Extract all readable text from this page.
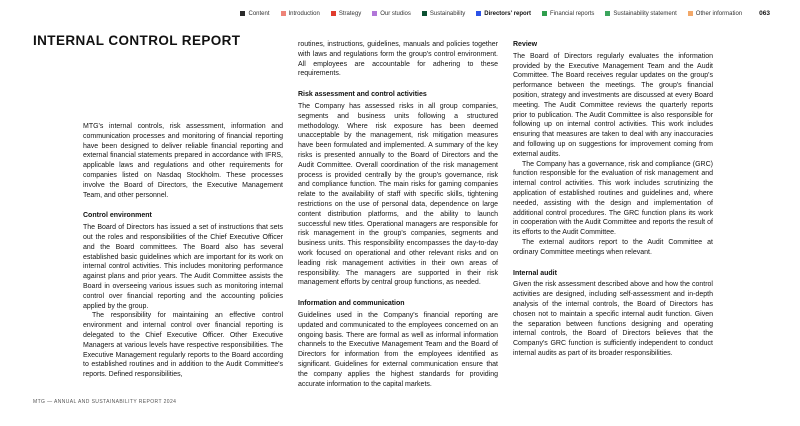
Content	Introduction	Strategy	Our studios	Sustainability	Directors' report	Financial reports	Sustainability statement	Other information	063
INTERNAL CONTROL REPORT

MTG's internal controls, risk assessment, information and communication processes and monitoring of financial reporting have been designed to deliver reliable financial reporting and external financial statements prepared in accordance with IFRS, applicable laws and regulations and other requirements for companies listed on Nasdaq Stockholm. These processes involve the Board of Directors, the Executive Management Team, and other personnel.

Control environment

The Board of Directors has issued a set of instructions that sets out the roles and responsibilities of the Chief Executive Officer and the Board committees. The Board also has several established basic guidelines which are important for its work on internal control activities. This includes monitoring performance against plans and prior years. The Audit Committee assists the Board in overseeing various issues such as monitoring internal control over financial reporting and the accounting policies applied by the group.

The responsibility for maintaining an effective control environment and internal control over financial reporting is delegated to the Chief Executive Officer. Other Executive Managers at various levels have respective responsibilities. The Executive Management regularly reports to the Board according to established routines and in addition to the Audit Committee's reports. Defined responsibilities,

routines, instructions, guidelines, manuals and policies together with laws and regulations form the group's control environment. All employees are accountable for adhering to these requirements.

Risk assessment and control activities

The Company has assessed risks in all group companies, segments and business units following a structured methodology. Where risk exposure has been deemed unacceptable by the management, risk mitigation measures have been formulated and implemented. A summary of the key risks is presented annually to the Board of Directors and the Audit Committee. Overall coordination of the risk management process is provided centrally by the group's governance, risk and compliance function. The main risks for gaming companies relate to the availability of staff with specific skills, tightening restrictions on the use of personal data, dependence on large content distribution platforms, and the ability to launch successful new titles. Operational managers are responsible for risk management in the group's companies, segments and business units. This responsibility encompasses the day-to-day work focused on operational and other relevant risks and on leading risk management activities in their own areas of responsibility. The managers are supported in their risk management efforts by central group functions, as needed.

Information and communication

Guidelines used in the Company's financial reporting are updated and communicated to the employees concerned on an ongoing basis. There are formal as well as informal information channels to the Executive Management Team and the Board of Directors for information from the employees identified as significant. Guidelines for external communication ensure that the company applies the highest standards for providing accurate information to the capital markets.

Review

The Board of Directors regularly evaluates the information provided by the Executive Management Team and the Audit Committee. The Board receives regular updates on the group's performance between the meetings. The group's financial position, strategy and investments are discussed at every Board meeting. The Audit Committee reviews the quarterly reports prior to publication. The Audit Committee is also responsible for following up on internal control activities. This work includes ensuring that measures are taken to deal with any inaccuracies and following up on suggestions for improvement coming from external audits.

The Company has a governance, risk and compliance (GRC) function responsible for the evaluation of risk management and internal control activities. This work includes scrutinizing the application of established routines and guidelines and, where needed, assisting with the design and implementation of additional control procedures. The GRC function plans its work in cooperation with the Audit Committee and reports the result of its efforts to the Audit Committee.

The external auditors report to the Audit Committee at ordinary Committee meetings when relevant.

Internal audit

Given the risk assessment described above and how the control activities are designed, including self-assessment and in-depth analysis of the internal controls, the Board of Directors has chosen not to maintain a specific internal audit function. Given the separation between functions designing and operating internal controls, the Board of Directors believes that the Company's GRC function is sufficiently independent to conduct internal audits as part of its broader responsibilities.

MTG — ANNUAL AND SUSTAINABILITY REPORT 2024
